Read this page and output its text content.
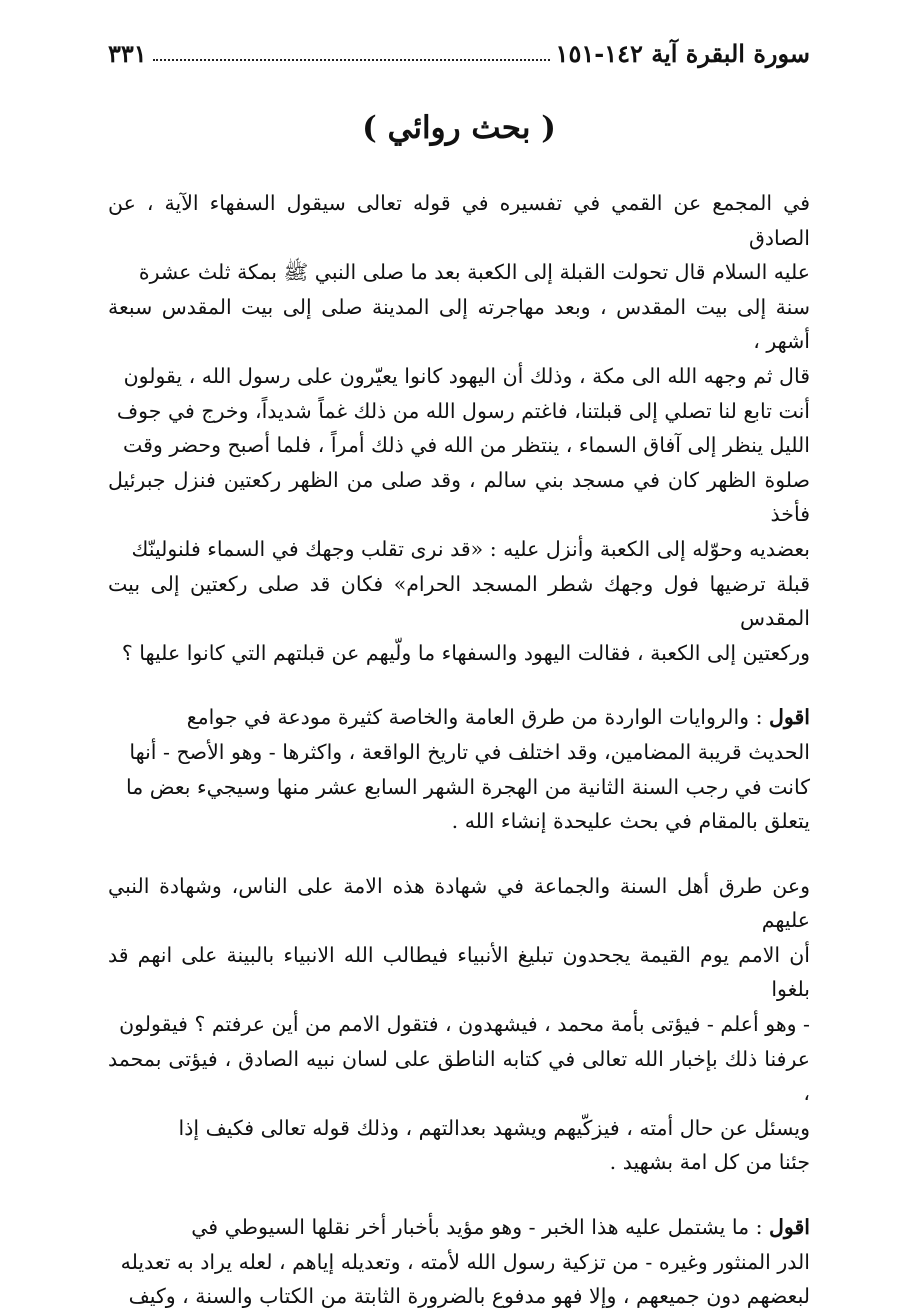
سورة البقرة آية ١٤٢-١٥١
٣٣١
( بحث روائي )

في المجمع عن القمي في تفسيره في قوله تعالى سيقول السفهاء الآية ، عن الصادق
عليه السلام قال تحولت القبلة إلى الكعبة بعد ما صلى النبي ﷺ بمكة ثلث عشرة
سنة إلى بيت المقدس ، وبعد مهاجرته إلى المدينة صلى إلى بيت المقدس سبعة أشهر ،
قال ثم وجهه الله الى مكة ، وذلك أن اليهود كانوا يعيّرون على رسول الله ، يقولون
أنت تابع لنا تصلي إلى قبلتنا، فاغتم رسول الله من ذلك غماً شديداً، وخرج في جوف
الليل ينظر إلى آفاق السماء ، ينتظر من الله في ذلك أمراً ، فلما أصبح وحضر وقت
صلوة الظهر كان في مسجد بني سالم ، وقد صلى من الظهر ركعتين فنزل جبرئيل فأخذ
بعضديه وحوّله إلى الكعبة وأنزل عليه : «قد نرى تقلب وجهك في السماء فلنولينّك
قبلة ترضيها فول وجهك شطر المسجد الحرام» فكان قد صلى ركعتين إلى بيت المقدس
وركعتين إلى الكعبة ، فقالت اليهود والسفهاء ما ولّيهم عن قبلتهم التي كانوا عليها ؟

اقول : والروايات الواردة من طرق العامة والخاصة كثيرة مودعة في جوامع
الحديث قريبة المضامين، وقد اختلف في تاريخ الواقعة ، واكثرها - وهو الأصح - أنها
كانت في رجب السنة الثانية من الهجرة الشهر السابع عشر منها وسيجيء بعض ما
يتعلق بالمقام في بحث عليحدة إنشاء الله .

وعن طرق أهل السنة والجماعة في شهادة هذه الامة على الناس، وشهادة النبي عليهم
أن الامم يوم القيمة يجحدون تبليغ الأنبياء فيطالب الله الانبياء بالبينة على انهم قد بلغوا
- وهو أعلم - فيؤتى بأمة محمد ، فيشهدون ، فتقول الامم من أين عرفتم ؟ فيقولون
عرفنا ذلك بإخبار الله تعالى في كتابه الناطق على لسان نبيه الصادق ، فيؤتى بمحمد ،
ويسئل عن حال أمته ، فيزكّيهم ويشهد بعدالتهم ، وذلك قوله تعالى فكيف إذا
جئنا من كل امة بشهيد .

اقول : ما يشتمل عليه هذا الخبر - وهو مؤيد بأخبار أخر نقلها السيوطي في
الدر المنثور وغيره - من تزكية رسول الله لأمته ، وتعديله إياهم ، لعله يراد به تعديله
لبعضهم دون جميعهم ، وإلا فهو مدفوع بالضرورة الثابتة من الكتاب والسنة ، وكيف
